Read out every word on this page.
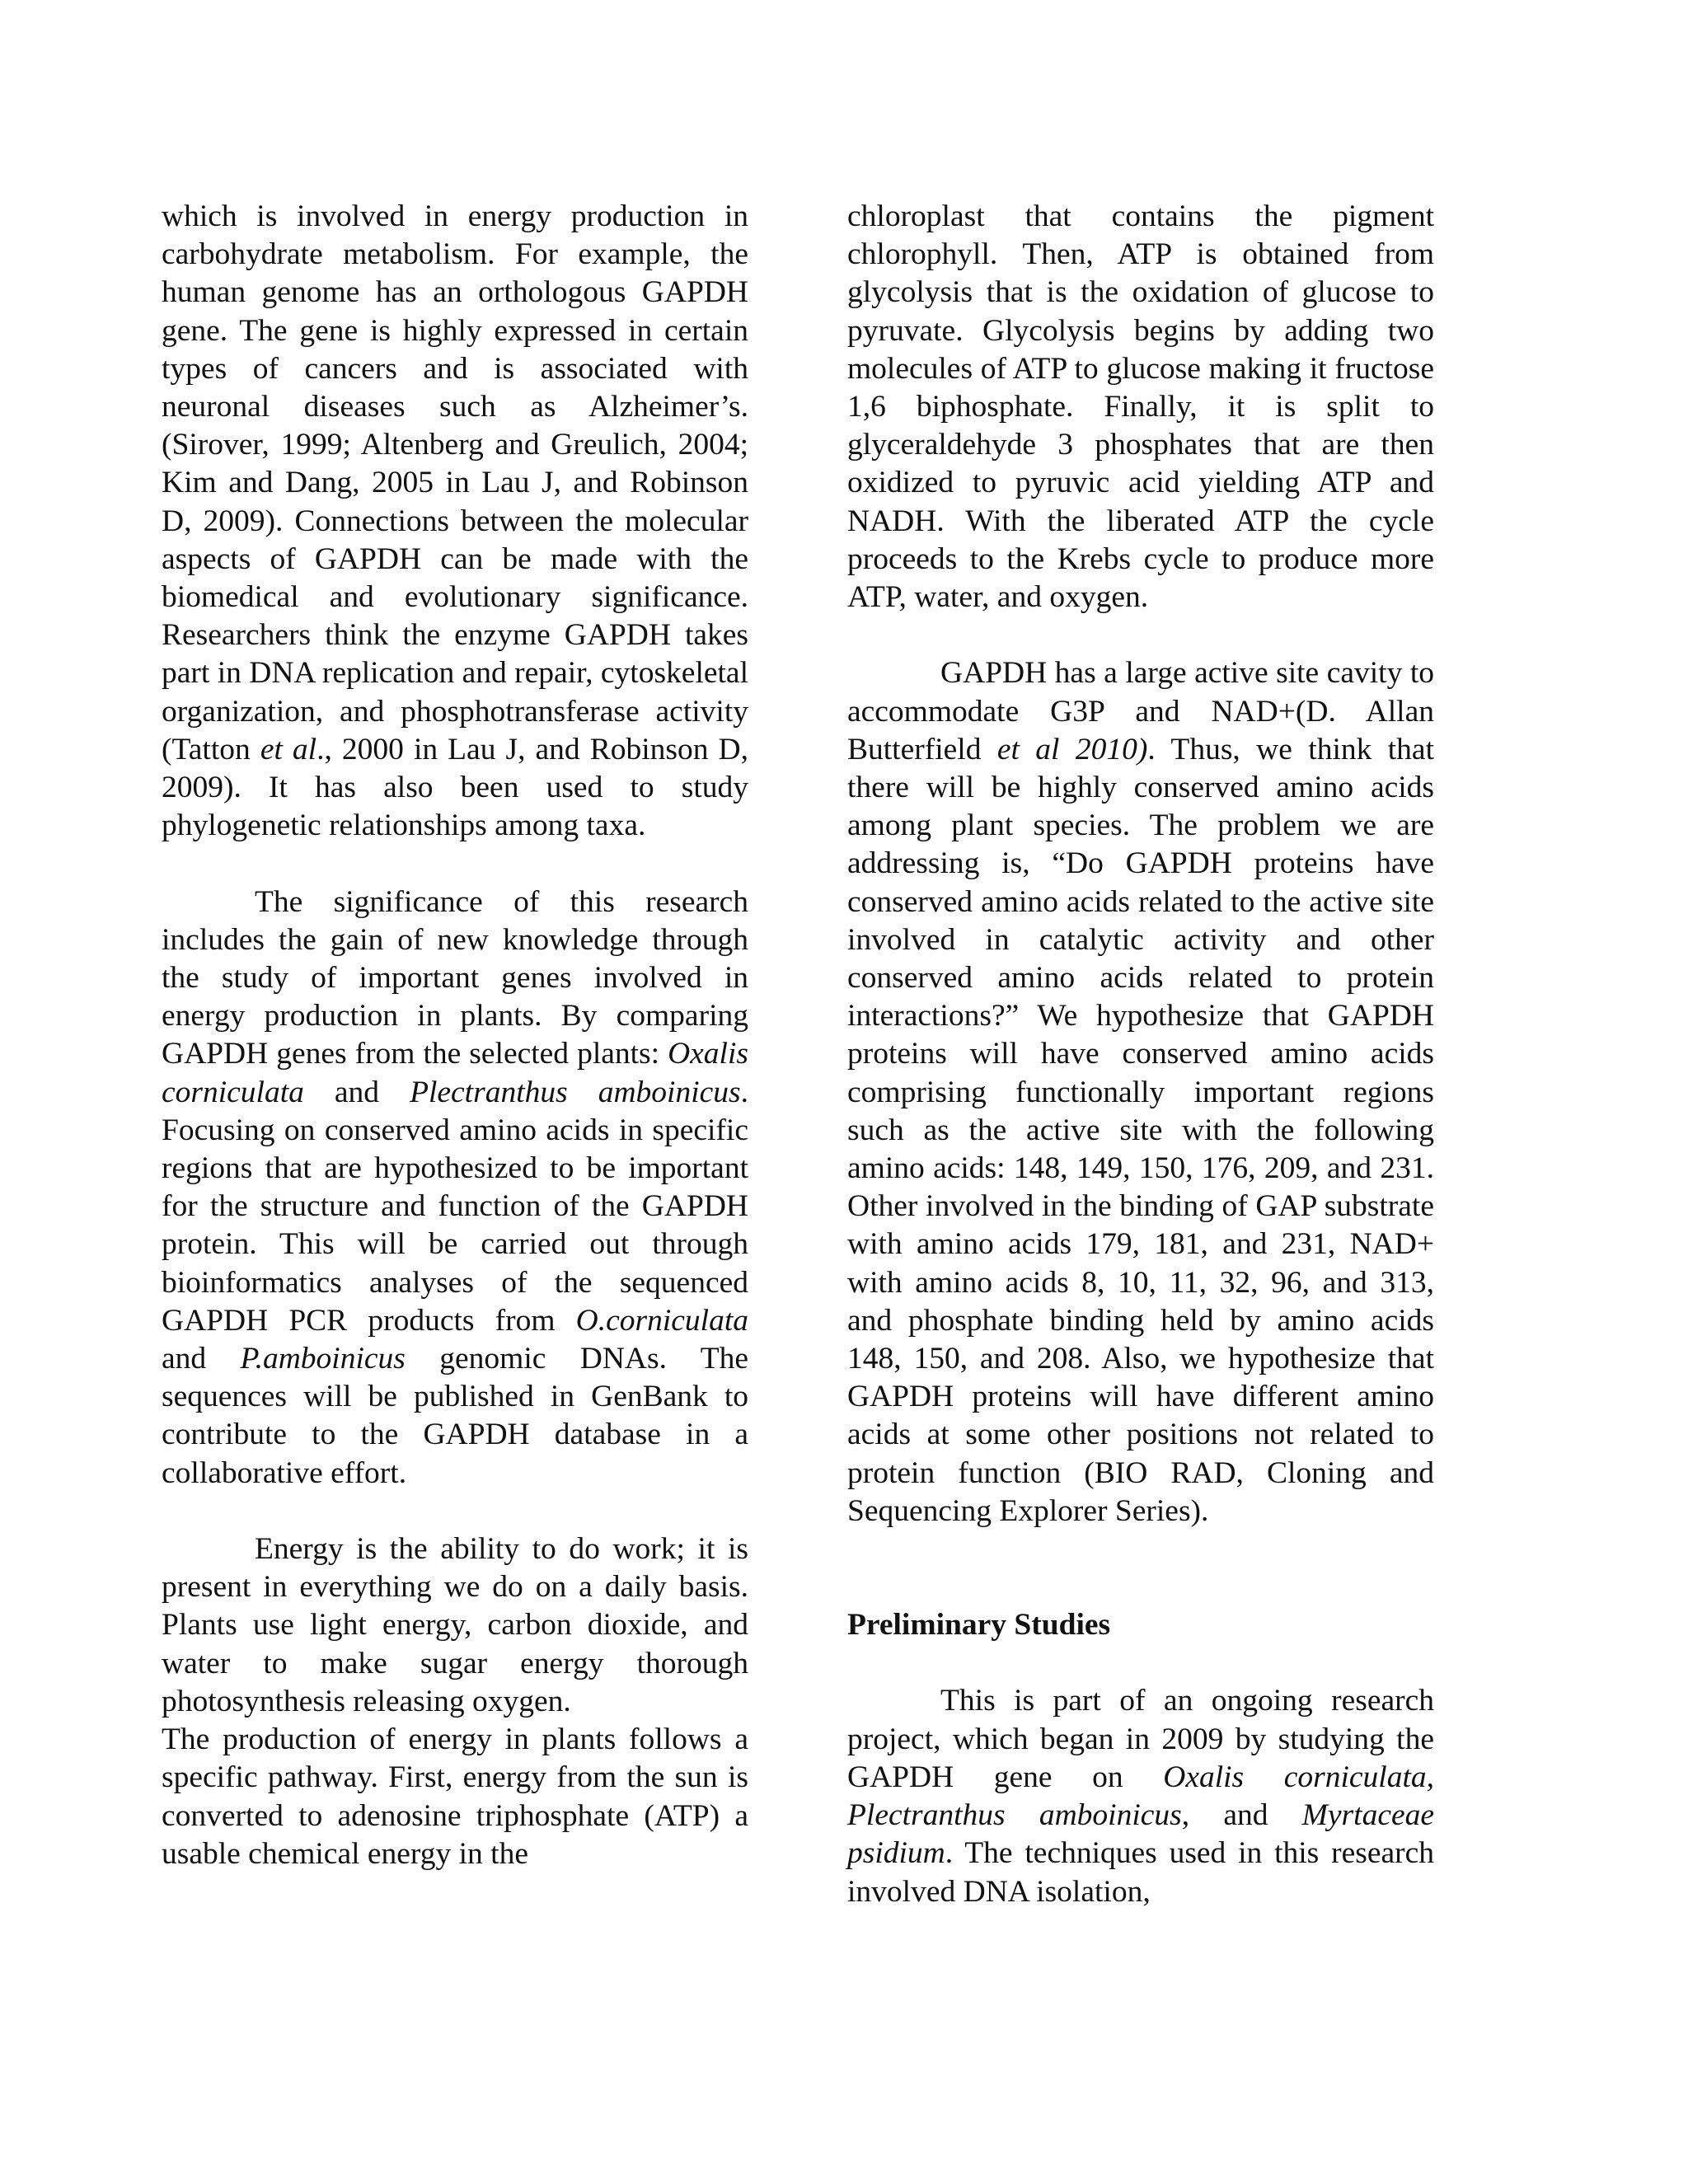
which is involved in energy production in carbohydrate metabolism. For example, the human genome has an orthologous GAPDH gene. The gene is highly expressed in certain types of cancers and is associated with neuronal diseases such as Alzheimer’s. (Sirover, 1999; Altenberg and Greulich, 2004; Kim and Dang, 2005 in Lau J, and Robinson D, 2009). Connections between the molecular aspects of GAPDH can be made with the biomedical and evolutionary significance. Researchers think the enzyme GAPDH takes part in DNA replication and repair, cytoskeletal organization, and phosphotransferase activity (Tatton et al., 2000 in Lau J, and Robinson D, 2009). It has also been used to study phylogenetic relationships among taxa.

The significance of this research includes the gain of new knowledge through the study of important genes involved in energy production in plants. By comparing GAPDH genes from the selected plants: Oxalis corniculata and Plectranthus amboinicus. Focusing on conserved amino acids in specific regions that are hypothesized to be important for the structure and function of the GAPDH protein. This will be carried out through bioinformatics analyses of the sequenced GAPDH PCR products from O.corniculata and P.amboinicus genomic DNAs. The sequences will be published in GenBank to contribute to the GAPDH database in a collaborative effort.

Energy is the ability to do work; it is present in everything we do on a daily basis. Plants use light energy, carbon dioxide, and water to make sugar energy thorough photosynthesis releasing oxygen.

The production of energy in plants follows a specific pathway. First, energy from the sun is converted to adenosine triphosphate (ATP) a usable chemical energy in the

chloroplast that contains the pigment chlorophyll. Then, ATP is obtained from glycolysis that is the oxidation of glucose to pyruvate. Glycolysis begins by adding two molecules of ATP to glucose making it fructose 1,6 biphosphate. Finally, it is split to glyceraldehyde 3 phosphates that are then oxidized to pyruvic acid yielding ATP and NADH. With the liberated ATP the cycle proceeds to the Krebs cycle to produce more ATP, water, and oxygen.

GAPDH has a large active site cavity to accommodate G3P and NAD+(D. Allan Butterfield et al 2010). Thus, we think that there will be highly conserved amino acids among plant species. The problem we are addressing is, “Do GAPDH proteins have conserved amino acids related to the active site involved in catalytic activity and other conserved amino acids related to protein interactions?” We hypothesize that GAPDH proteins will have conserved amino acids comprising functionally important regions such as the active site with the following amino acids: 148, 149, 150, 176, 209, and 231. Other involved in the binding of GAP substrate with amino acids 179, 181, and 231, NAD+ with amino acids 8, 10, 11, 32, 96, and 313, and phosphate binding held by amino acids 148, 150, and 208. Also, we hypothesize that GAPDH proteins will have different amino acids at some other positions not related to protein function (BIO RAD, Cloning and Sequencing Explorer Series).

Preliminary Studies

This is part of an ongoing research project, which began in 2009 by studying the GAPDH gene on Oxalis corniculata, Plectranthus amboinicus, and Myrtaceae psidium. The techniques used in this research involved DNA isolation,
